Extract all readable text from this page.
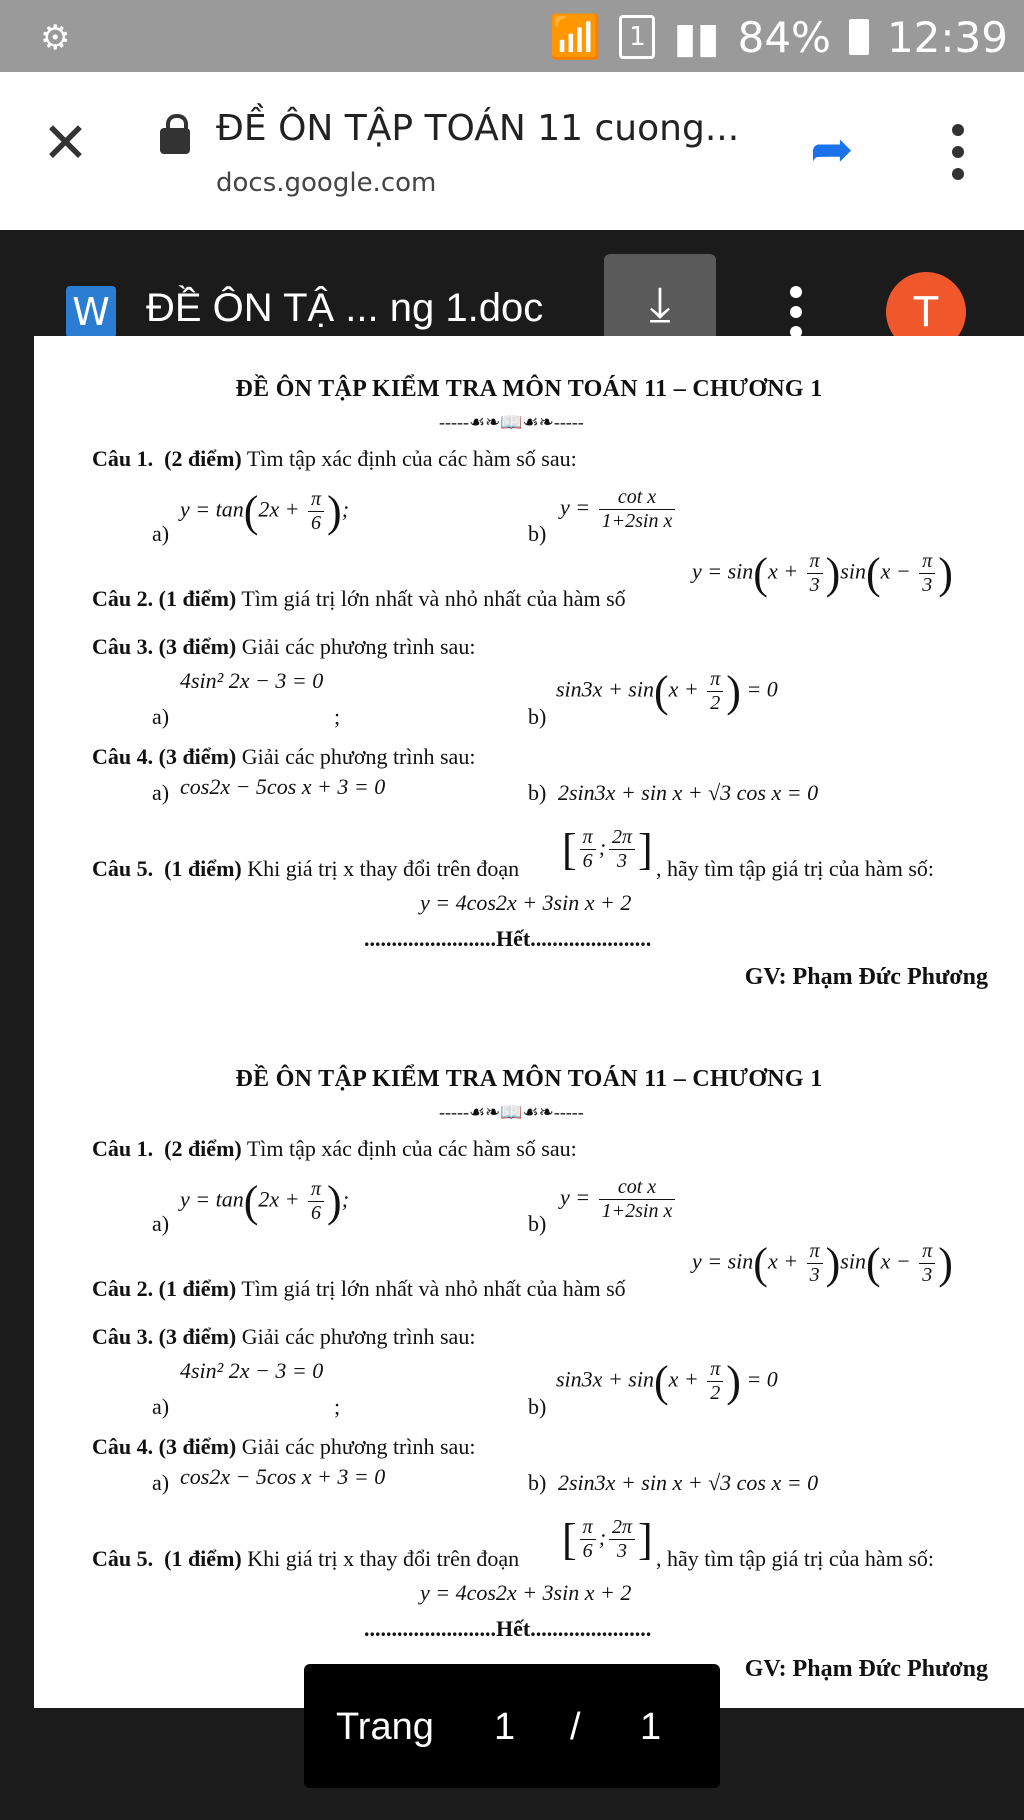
⚙	📶	1 ▮▮ 84% 12:39
✕	ĐỀ ÔN TẬP TOÁN 11 cuong...
docs.google.com
➦
W ĐỀ ÔN TẬ ... ng 1.doc	⤓	T
ĐỀ ÔN TẬP KIỂM TRA MÔN TOÁN 11 – CHƯƠNG 1
-----☙❧📖☙❧-----
Câu 1. (2 điểm) Tìm tập xác định của các hàm số sau:
a)
$y = \tan(2x + \frac{\pi}{6}$ );
b)
$y = \frac{\text{cot x}}{\text{1+2sin x}}$
Câu 2. (1 điểm) Tìm giá trị lớn nhất và nhỏ nhất của hàm số
$y = \sin(x + \frac{\pi}{3} )\sin(x - \frac{\pi}{3}$ )
Câu 3. (3 điểm) Giải các phương trình sau:
4sin² 2x − 3 = 0
a)	;	b)
$\sin 3x + \sin(x + \frac{\pi}{2}$ ) = 0
Câu 4. (3 điểm) Giải các phương trình sau:
a) cos2x − 5cos x + 3 = 0	b) 2sin3x + sin x + √3 cos x = 0
Câu 5. (1 điểm) Khi giá trị x thay đổi trên đoạn [ $\frac{\pi}{6}$ ; $\frac{2\pi}{3}$ ] , hãy tìm tập giá trị của hàm số:
y = 4cos2x + 3sin x + 2
........................Hết......................
GV: Phạm Đức Phương
ĐỀ ÔN TẬP KIỂM TRA MÔN TOÁN 11 – CHƯƠNG 1
-----☙❧📖☙❧-----
Câu 1. (2 điểm) Tìm tập xác định của các hàm số sau:
a)
$y = \tan(2x + \frac{\pi}{6}$ );
b)
$y = \frac{\text{cot x}}{\text{1+2sin x}}$
Câu 2. (1 điểm) Tìm giá trị lớn nhất và nhỏ nhất của hàm số
$y = \sin(x + \frac{\pi}{3} )\sin(x - \frac{\pi}{3}$ )
Câu 3. (3 điểm) Giải các phương trình sau:
4sin² 2x − 3 = 0
a)	;	b)
$\sin 3x + \sin(x + \frac{\pi}{2}$ ) = 0
Câu 4. (3 điểm) Giải các phương trình sau:
a) cos2x − 5cos x + 3 = 0	b) 2sin3x + sin x + √3 cos x = 0
Câu 5. (1 điểm) Khi giá trị x thay đổi trên đoạn [ $\frac{\pi}{6}$ ; $\frac{2\pi}{3}$ ] , hãy tìm tập giá trị của hàm số:
y = 4cos2x + 3sin x + 2
........................Hết......................
GV: Phạm Đức Phương
Trang 1 / 1
